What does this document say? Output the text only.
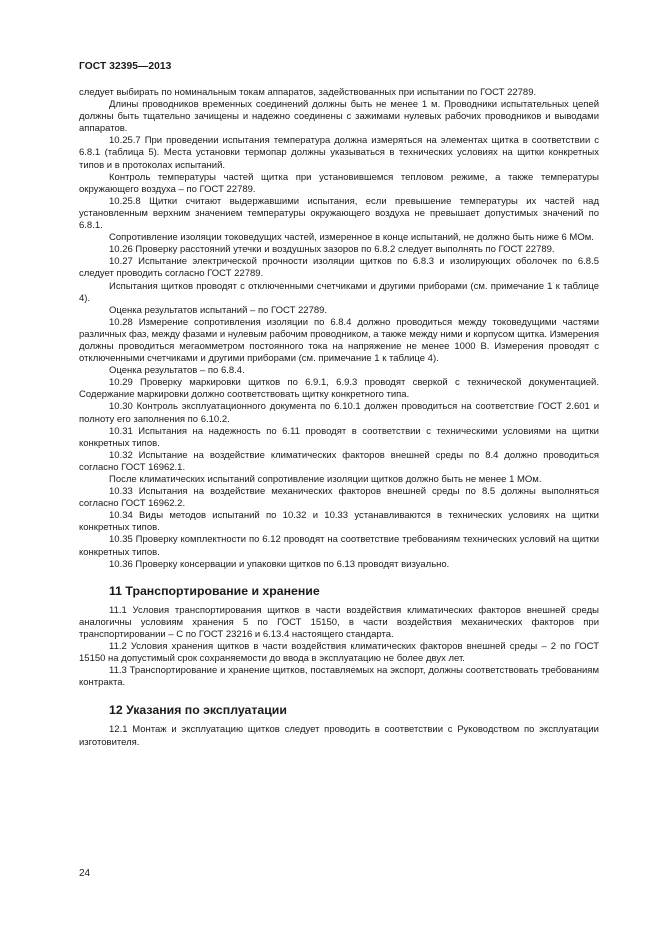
ГОСТ 32395—2013

следует выбирать по номинальным токам аппаратов, задействованных при испытании по ГОСТ 22789.

Длины проводников временных соединений должны быть не менее 1 м. Проводники испытательных цепей должны быть тщательно зачищены и надежно соединены с зажимами нулевых рабочих проводников и выводами аппаратов.

10.25.7 При проведении испытания температура должна измеряться на элементах щитка в соответствии с 6.8.1 (таблица 5). Места установки термопар должны указываться в технических условиях на щитки конкретных типов и в протоколах испытаний.

Контроль температуры частей щитка при установившемся тепловом режиме, а также температуры окружающего воздуха – по ГОСТ 22789.

10.25.8 Щитки считают выдержавшими испытания, если превышение температуры их частей над установленным верхним значением температуры окружающего воздуха не превышает допустимых значений по 6.8.1.

Сопротивление изоляции токоведущих частей, измеренное в конце испытаний, не должно быть ниже 6 МОм.

10.26 Проверку расстояний утечки и воздушных зазоров по 6.8.2 следует выполнять по ГОСТ 22789.

10.27 Испытание электрической прочности изоляции щитков по 6.8.3 и изолирующих оболочек по 6.8.5 следует проводить согласно ГОСТ 22789.

Испытания щитков проводят с отключенными счетчиками и другими приборами (см. примечание 1 к таблице 4).

Оценка результатов испытаний – по ГОСТ 22789.

10.28 Измерение сопротивления изоляции по 6.8.4 должно проводиться между токоведущими частями различных фаз, между фазами и нулевым рабочим проводником, а также между ними и корпусом щитка. Измерения должны проводиться мегаомметром постоянного тока на напряжение не менее 1000 В. Измерения проводят с отключенными счетчиками и другими приборами (см. примечание 1 к таблице 4).

Оценка результатов – по 6.8.4.

10.29 Проверку маркировки щитков по 6.9.1, 6.9.3 проводят сверкой с технической документацией. Содержание маркировки должно соответствовать щитку конкретного типа.

10.30 Контроль эксплуатационного документа по 6.10.1 должен проводиться на соответствие ГОСТ 2.601 и полноту его заполнения по 6.10.2.

10.31 Испытания на надежность по 6.11 проводят в соответствии с техническими условиями на щитки конкретных типов.

10.32 Испытание на воздействие климатических факторов внешней среды по 8.4 должно проводиться согласно ГОСТ 16962.1.

После климатических испытаний сопротивление изоляции щитков должно быть не менее 1 МОм.

10.33 Испытания на воздействие механических факторов внешней среды по 8.5 должны выполняться согласно ГОСТ 16962.2.

10.34 Виды методов испытаний по 10.32 и 10.33 устанавливаются в технических условиях на щитки конкретных типов.

10.35 Проверку комплектности по 6.12 проводят на соответствие требованиям технических условий на щитки конкретных типов.

10.36 Проверку консервации и упаковки щитков по 6.13 проводят визуально.

11 Транспортирование и хранение

11.1 Условия транспортирования щитков в части воздействия климатических факторов внешней среды аналогичны условиям хранения 5 по ГОСТ 15150, в части воздействия механических факторов при транспортировании – С по ГОСТ 23216 и 6.13.4 настоящего стандарта.

11.2 Условия хранения щитков в части воздействия климатических факторов внешней среды – 2 по ГОСТ 15150 на допустимый срок сохраняемости до ввода в эксплуатацию не более двух лет.

11.3 Транспортирование и хранение щитков, поставляемых на экспорт, должны соответствовать требованиям контракта.

12 Указания по эксплуатации

12.1 Монтаж и эксплуатацию щитков следует проводить в соответствии с Руководством по эксплуатации изготовителя.

24
